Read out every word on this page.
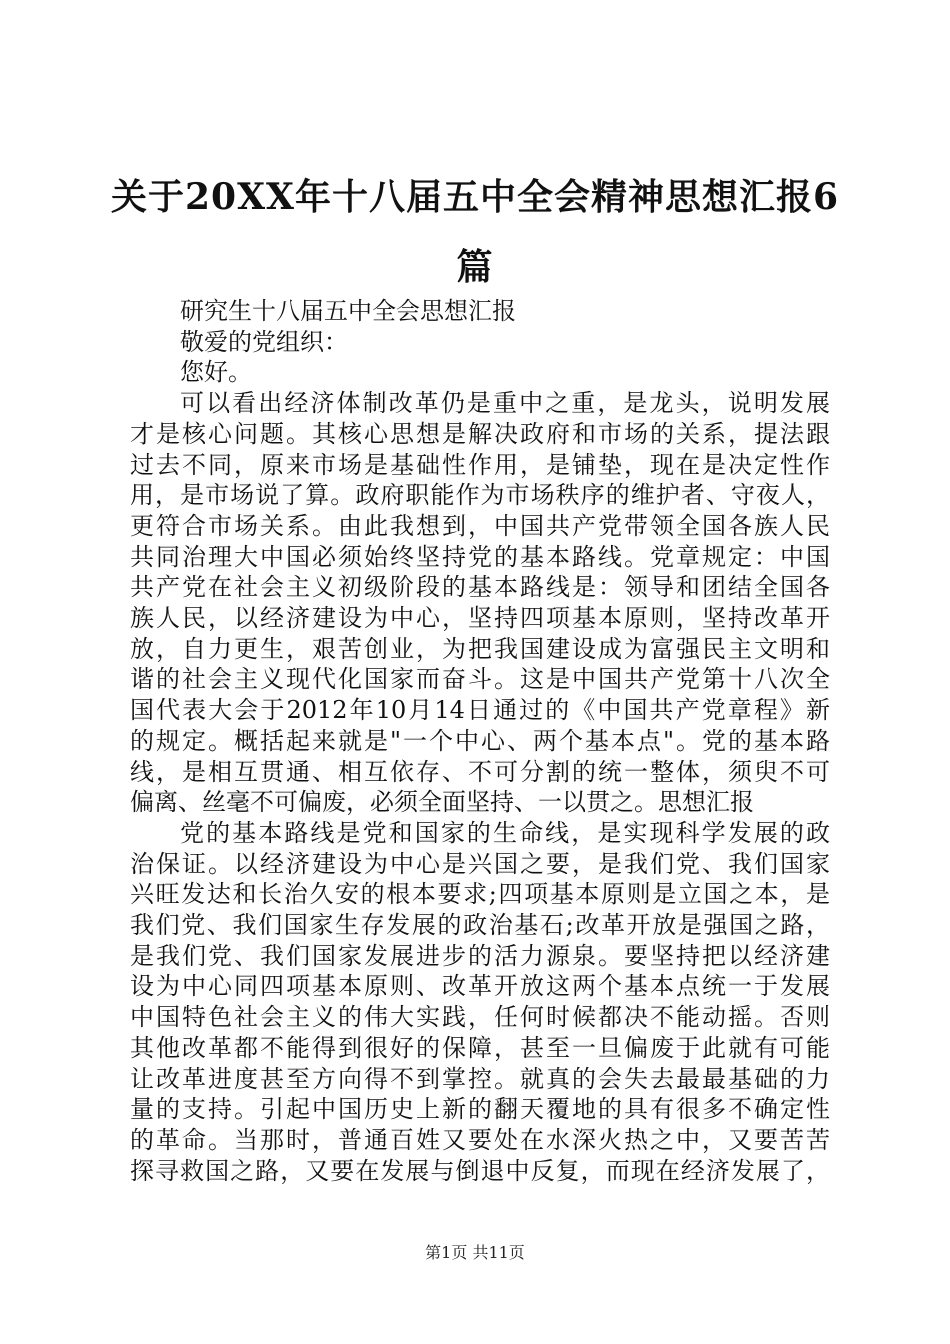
关于20XX年十八届五中全会精神思想汇报6
篇
研究生十八届五中全会思想汇报
敬爱的党组织：
您好。
可以看出经济体制改革仍是重中之重，是龙头，说明发展
才是核心问题。其核心思想是解决政府和市场的关系，提法跟
过去不同，原来市场是基础性作用，是铺垫，现在是决定性作
用，是市场说了算。政府职能作为市场秩序的维护者、守夜人，
更符合市场关系。由此我想到，中国共产党带领全国各族人民
共同治理大中国必须始终坚持党的基本路线。党章规定：中国
共产党在社会主义初级阶段的基本路线是：领导和团结全国各
族人民，以经济建设为中心，坚持四项基本原则，坚持改革开
放，自力更生，艰苦创业，为把我国建设成为富强民主文明和
谐的社会主义现代化国家而奋斗。这是中国共产党第十八次全
国代表大会于2012年10月14日通过的《中国共产党章程》新
的规定。概括起来就是"一个中心、两个基本点"。党的基本路
线，是相互贯通、相互依存、不可分割的统一整体，须臾不可
偏离、丝毫不可偏废，必须全面坚持、一以贯之。思想汇报
党的基本路线是党和国家的生命线，是实现科学发展的政
治保证。以经济建设为中心是兴国之要，是我们党、我们国家
兴旺发达和长治久安的根本要求;四项基本原则是立国之本，是
我们党、我们国家生存发展的政治基石;改革开放是强国之路，
是我们党、我们国家发展进步的活力源泉。要坚持把以经济建
设为中心同四项基本原则、改革开放这两个基本点统一于发展
中国特色社会主义的伟大实践，任何时候都决不能动摇。否则
其他改革都不能得到很好的保障，甚至一旦偏废于此就有可能
让改革进度甚至方向得不到掌控。就真的会失去最最基础的力
量的支持。引起中国历史上新的翻天覆地的具有很多不确定性
的革命。当那时，普通百姓又要处在水深火热之中，又要苦苦
探寻救国之路，又要在发展与倒退中反复，而现在经济发展了，
第1页 共11页
